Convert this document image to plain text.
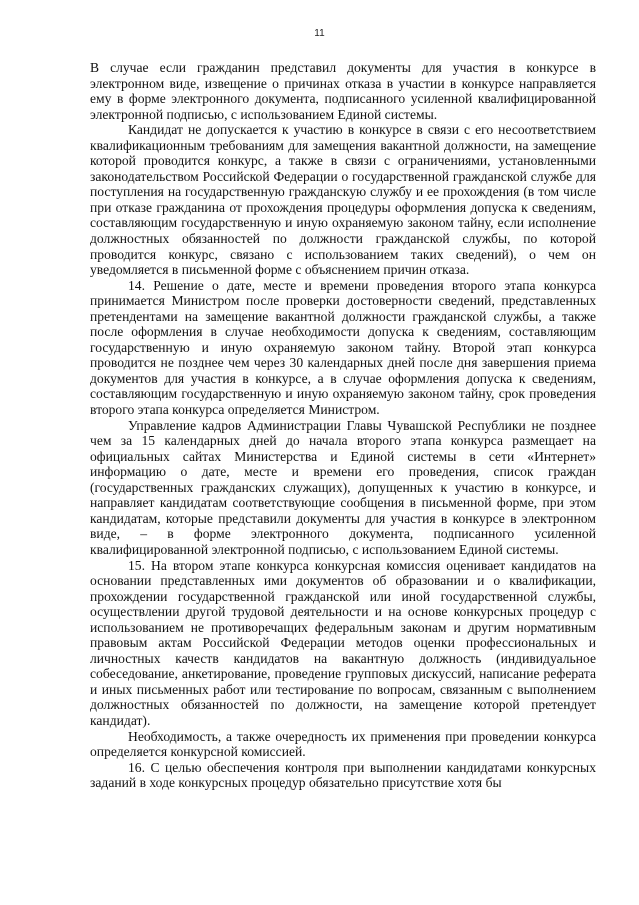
11

В случае если гражданин представил документы для участия в конкурсе в электронном виде, извещение о причинах отказа в участии в конкурсе направляется ему в форме электронного документа, подписанного усиленной квалифицированной электронной подписью, с использованием Единой системы.

Кандидат не допускается к участию в конкурсе в связи с его несоответствием квалификационным требованиям для замещения вакантной должности, на замещение которой проводится конкурс, а также в связи с ограничениями, установленными законодательством Российской Федерации о государственной гражданской службе для поступления на государственную гражданскую службу и ее прохождения (в том числе при отказе гражданина от прохождения процедуры оформления допуска к сведениям, составляющим государственную и иную охраняемую законом тайну, если исполнение должностных обязанностей по должности гражданской службы, по которой проводится конкурс, связано с использованием таких сведений), о чем он уведомляется в письменной форме с объяснением причин отказа.

14. Решение о дате, месте и времени проведения второго этапа конкурса принимается Министром после проверки достоверности сведений, представленных претендентами на замещение вакантной должности гражданской службы, а также после оформления в случае необходимости допуска к сведениям, составляющим государственную и иную охраняемую законом тайну. Второй этап конкурса проводится не позднее чем через 30 календарных дней после дня завершения приема документов для участия в конкурсе, а в случае оформления допуска к сведениям, составляющим государственную и иную охраняемую законом тайну, срок проведения второго этапа конкурса определяется Министром.

Управление кадров Администрации Главы Чувашской Республики не позднее чем за 15 календарных дней до начала второго этапа конкурса размещает на официальных сайтах Министерства и Единой системы в сети «Интернет» информацию о дате, месте и времени его проведения, список граждан (государственных гражданских служащих), допущенных к участию в конкурсе, и направляет кандидатам соответствующие сообщения в письменной форме, при этом кандидатам, которые представили документы для участия в конкурсе в электронном виде, – в форме электронного документа, подписанного усиленной квалифицированной электронной подписью, с использованием Единой системы.

15. На втором этапе конкурса конкурсная комиссия оценивает кандидатов на основании представленных ими документов об образовании и о квалификации, прохождении государственной гражданской или иной государственной службы, осуществлении другой трудовой деятельности и на основе конкурсных процедур с использованием не противоречащих федеральным законам и другим нормативным правовым актам Российской Федерации методов оценки профессиональных и личностных качеств кандидатов на вакантную должность (индивидуальное собеседование, анкетирование, проведение групповых дискуссий, написание реферата и иных письменных работ или тестирование по вопросам, связанным с выполнением должностных обязанностей по должности, на замещение которой претендует кандидат).

Необходимость, а также очередность их применения при проведении конкурса определяется конкурсной комиссией.

16. С целью обеспечения контроля при выполнении кандидатами конкурсных заданий в ходе конкурсных процедур обязательно присутствие хотя бы
